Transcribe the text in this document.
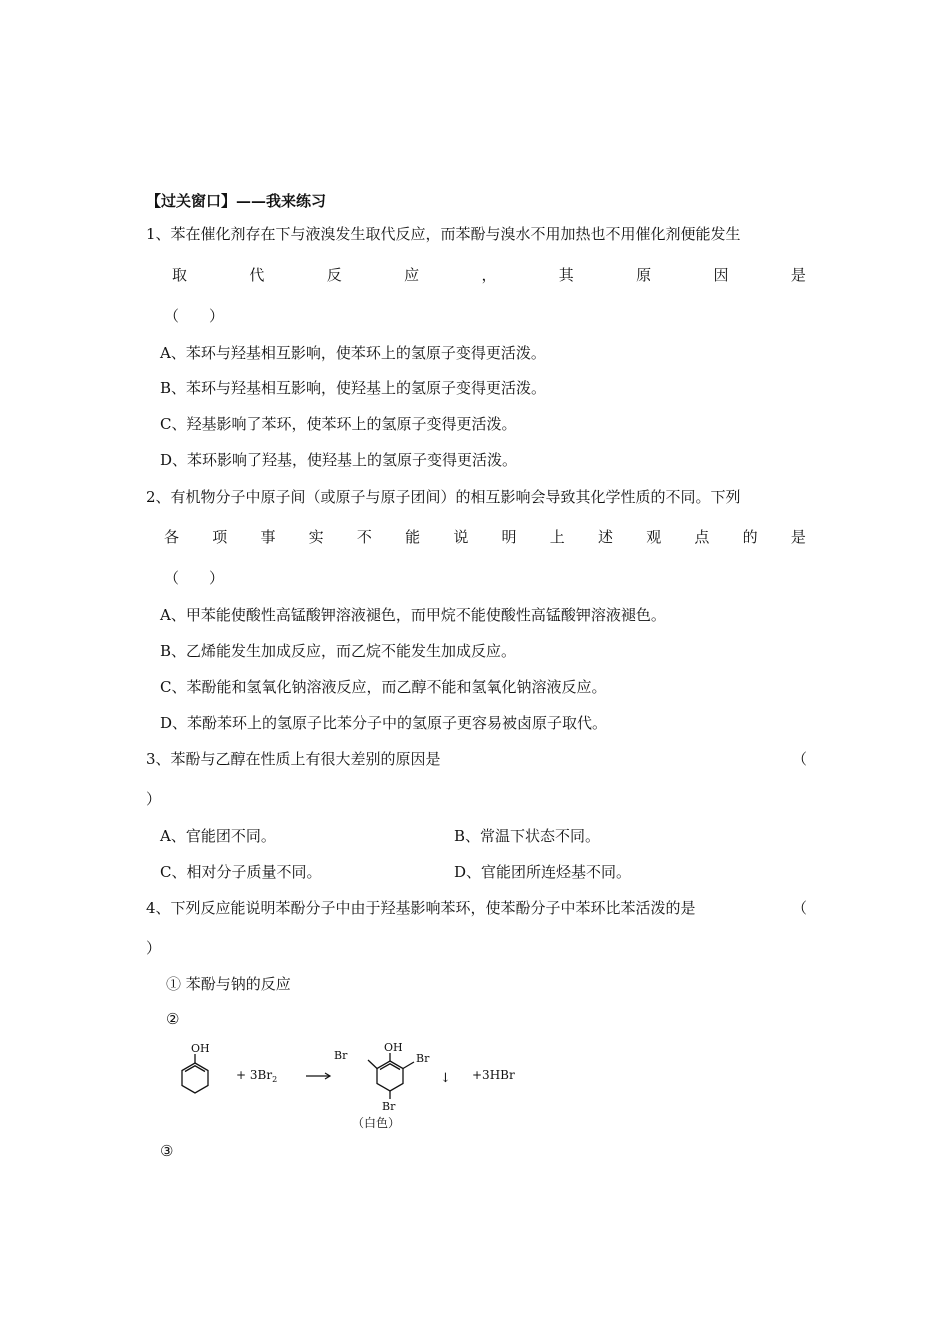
【过关窗口】——我来练习
1、苯在催化剂存在下与液溴发生取代反应，而苯酚与溴水不用加热也不用催化剂便能发生
取	代	反	应	，	其	原	因	是
（　　）
A、苯环与羟基相互影响，使苯环上的氢原子变得更活泼。
B、苯环与羟基相互影响，使羟基上的氢原子变得更活泼。
C、羟基影响了苯环，使苯环上的氢原子变得更活泼。
D、苯环影响了羟基，使羟基上的氢原子变得更活泼。
2、有机物分子中原子间（或原子与原子团间）的相互影响会导致其化学性质的不同。下列
各 项 事 实 不 能 说 明 上 述 观 点 的 是
（　　）
A、甲苯能使酸性高锰酸钾溶液褪色，而甲烷不能使酸性高锰酸钾溶液褪色。
B、乙烯能发生加成反应，而乙烷不能发生加成反应。
C、苯酚能和氢氧化钠溶液反应，而乙醇不能和氢氧化钠溶液反应。
D、苯酚苯环上的氢原子比苯分子中的氢原子更容易被卤原子取代。
3、苯酚与乙醇在性质上有很大差别的原因是	（
）
A、官能团不同。	B、常温下状态不同。
C、相对分子质量不同。	D、官能团所连烃基不同。
4、下列反应能说明苯酚分子中由于羟基影响苯环，使苯酚分子中苯环比苯活泼的是	（
）
① 苯酚与钠的反应
②
OH
+ $3Br_2$
OH
Br	Br
Br
↓ +3HBr
（白色）
③
